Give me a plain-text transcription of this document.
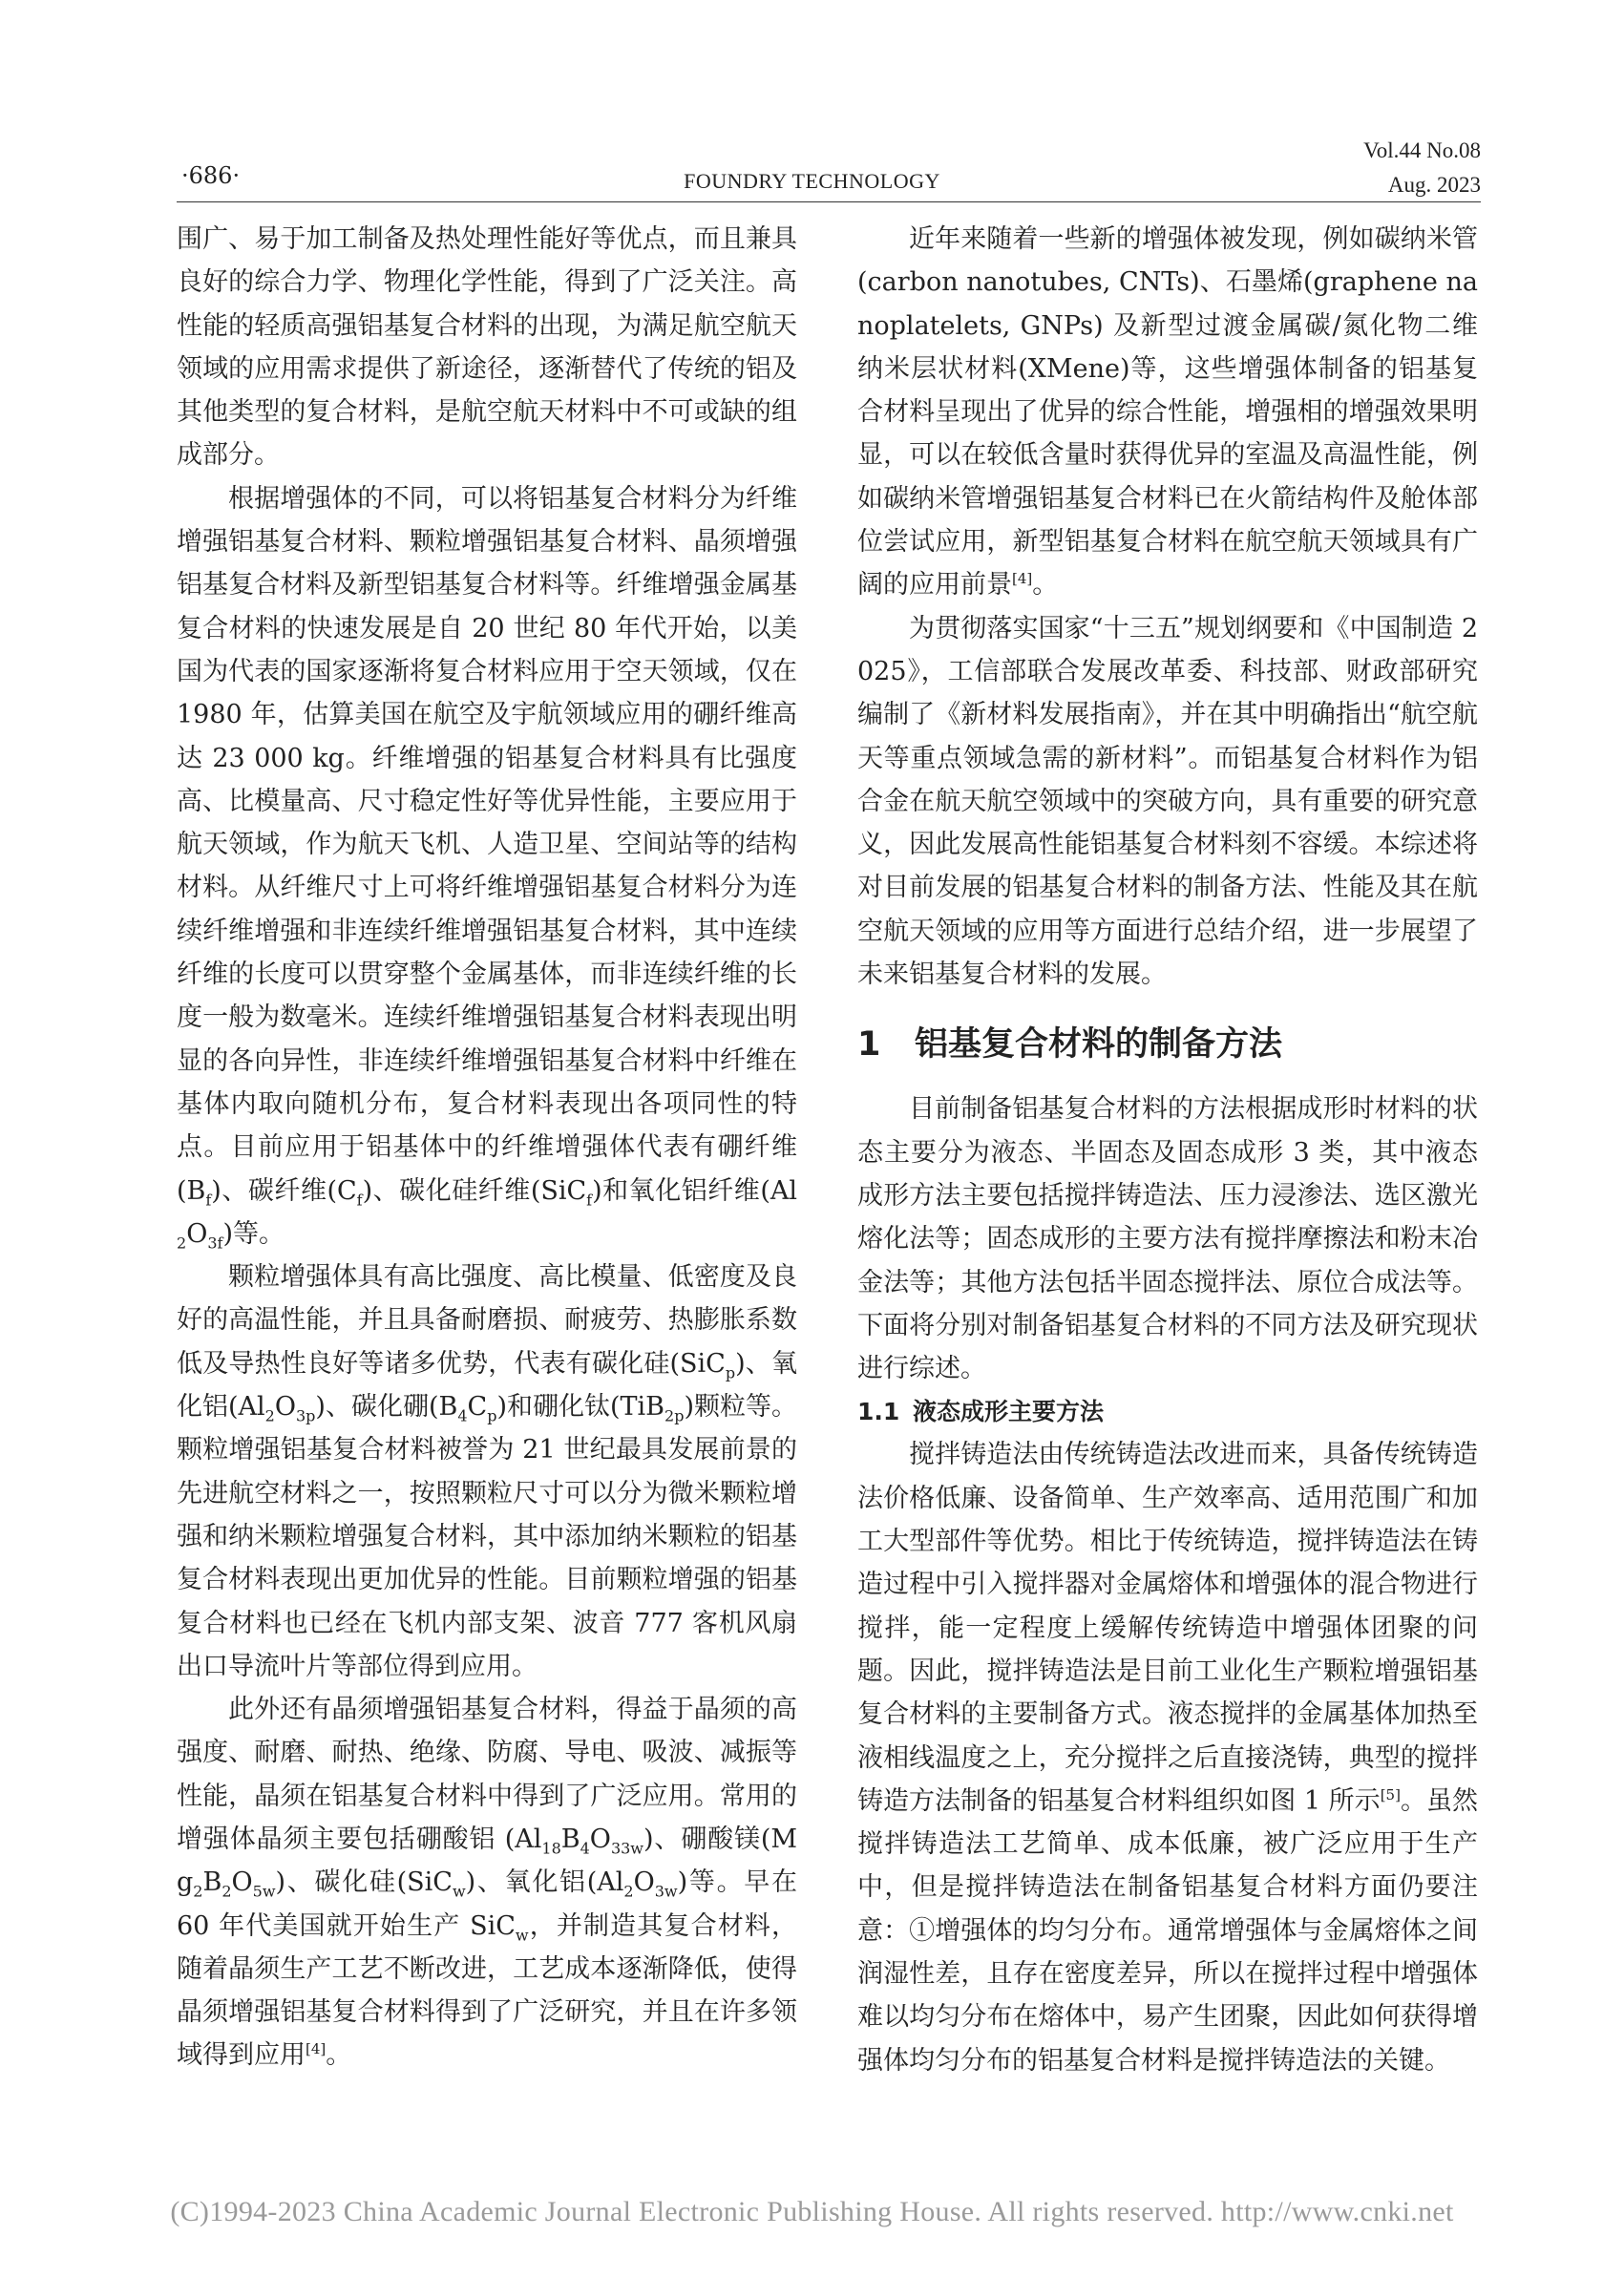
·686·	FOUNDRY TECHNOLOGY
Vol.44 No.08
Aug. 2023

围广、易于加工制备及热处理性能好等优点，而且兼具良好的综合力学、物理化学性能，得到了广泛关注。高性能的轻质高强铝基复合材料的出现，为满足航空航天领域的应用需求提供了新途径，逐渐替代了传统的铝及其他类型的复合材料，是航空航天材料中不可或缺的组成部分。

根据增强体的不同，可以将铝基复合材料分为纤维增强铝基复合材料、颗粒增强铝基复合材料、晶须增强铝基复合材料及新型铝基复合材料等。纤维增强金属基复合材料的快速发展是自 20 世纪 80 年代开始，以美国为代表的国家逐渐将复合材料应用于空天领域，仅在 1980 年，估算美国在航空及宇航领域应用的硼纤维高达 23 000 kg。纤维增强的铝基复合材料具有比强度高、比模量高、尺寸稳定性好等优异性能，主要应用于航天领域，作为航天飞机、人造卫星、空间站等的结构材料。从纤维尺寸上可将纤维增强铝基复合材料分为连续纤维增强和非连续纤维增强铝基复合材料，其中连续纤维的长度可以贯穿整个金属基体，而非连续纤维的长度一般为数毫米。连续纤维增强铝基复合材料表现出明显的各向异性，非连续纤维增强铝基复合材料中纤维在基体内取向随机分布，复合材料表现出各项同性的特点。目前应用于铝基体中的纤维增强体代表有硼纤维$(B_f)$、碳纤维$(C_f)$、碳化硅纤维(SiC$_f$)和氧化铝纤维$(Al_2O_{3f})$等。

颗粒增强体具有高比强度、高比模量、低密度及良好的高温性能，并且具备耐磨损、耐疲劳、热膨胀系数低及导热性良好等诸多优势，代表有碳化硅(SiC$_p$)、氧化铝$(Al_2O_{3p})$、碳化硼$(B_4C_p)$和硼化钛(TiB$_{2p}$)颗粒等。颗粒增强铝基复合材料被誉为 21 世纪最具发展前景的先进航空材料之一，按照颗粒尺寸可以分为微米颗粒增强和纳米颗粒增强复合材料，其中添加纳米颗粒的铝基复合材料表现出更加优异的性能。目前颗粒增强的铝基复合材料也已经在飞机内部支架、波音 777 客机风扇出口导流叶片等部位得到应用。

此外还有晶须增强铝基复合材料，得益于晶须的高强度、耐磨、耐热、绝缘、防腐、导电、吸波、减振等性能，晶须在铝基复合材料中得到了广泛应用。常用的增强体晶须主要包括硼酸铝 $(Al_{18}B_4O_{33w})$、硼酸镁$(Mg_2B_2O_{5w})$、碳化硅(SiC$_w$)、氧化铝$(Al_2O_{3w})$等。早在 60 年代美国就开始生产 SiC$_w$，并制造其复合材料，随着晶须生产工艺不断改进，工艺成本逐渐降低，使得晶须增强铝基复合材料得到了广泛研究，并且在许多领域得到应用[4]。

近年来随着一些新的增强体被发现，例如碳纳米管(carbon nanotubes, CNTs)、石墨烯(graphene nanoplatelets, GNPs) 及新型过渡金属碳/氮化物二维纳米层状材料(XMene)等，这些增强体制备的铝基复合材料呈现出了优异的综合性能，增强相的增强效果明显，可以在较低含量时获得优异的室温及高温性能，例如碳纳米管增强铝基复合材料已在火箭结构件及舱体部位尝试应用，新型铝基复合材料在航空航天领域具有广阔的应用前景[4]。

为贯彻落实国家“十三五”规划纲要和《中国制造 2025》，工信部联合发展改革委、科技部、财政部研究编制了《新材料发展指南》，并在其中明确指出“航空航天等重点领域急需的新材料”。而铝基复合材料作为铝合金在航天航空领域中的突破方向，具有重要的研究意义，因此发展高性能铝基复合材料刻不容缓。本综述将对目前发展的铝基复合材料的制备方法、性能及其在航空航天领域的应用等方面进行总结介绍，进一步展望了未来铝基复合材料的发展。

1 铝基复合材料的制备方法

目前制备铝基复合材料的方法根据成形时材料的状态主要分为液态、半固态及固态成形 3 类，其中液态成形方法主要包括搅拌铸造法、压力浸渗法、选区激光熔化法等；固态成形的主要方法有搅拌摩擦法和粉末冶金法等；其他方法包括半固态搅拌法、原位合成法等。下面将分别对制备铝基复合材料的不同方法及研究现状进行综述。

1.1 液态成形主要方法

搅拌铸造法由传统铸造法改进而来，具备传统铸造法价格低廉、设备简单、生产效率高、适用范围广和加工大型部件等优势。相比于传统铸造，搅拌铸造法在铸造过程中引入搅拌器对金属熔体和增强体的混合物进行搅拌，能一定程度上缓解传统铸造中增强体团聚的问题。因此，搅拌铸造法是目前工业化生产颗粒增强铝基复合材料的主要制备方式。液态搅拌的金属基体加热至液相线温度之上，充分搅拌之后直接浇铸，典型的搅拌铸造方法制备的铝基复合材料组织如图 1 所示[5]。虽然搅拌铸造法工艺简单、成本低廉，被广泛应用于生产中，但是搅拌铸造法在制备铝基复合材料方面仍要注意：①增强体的均匀分布。通常增强体与金属熔体之间润湿性差，且存在密度差异，所以在搅拌过程中增强体难以均匀分布在熔体中，易产生团聚，因此如何获得增强体均匀分布的铝基复合材料是搅拌铸造法的关键。

(C)1994-2023 China Academic Journal Electronic Publishing House. All rights reserved. http://www.cnki.net
